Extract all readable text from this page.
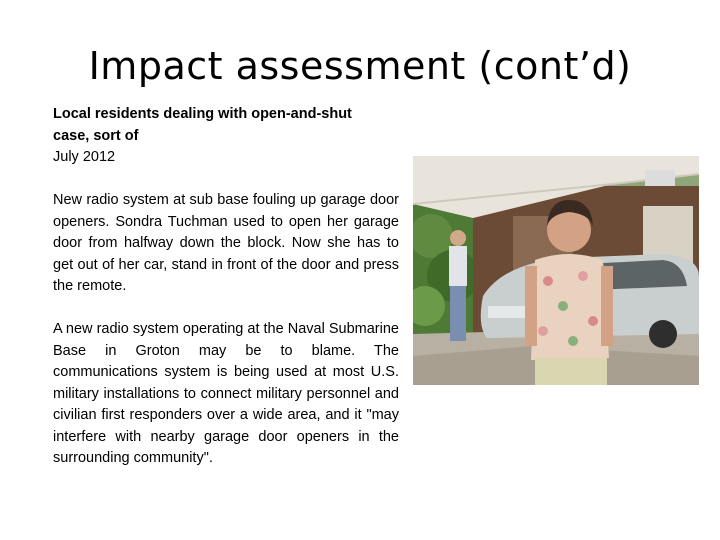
Impact assessment (cont’d)
Local residents dealing with open-and-shut case, sort of
July 2012
New radio system at sub base fouling up garage door openers. Sondra Tuchman used to open her garage door from halfway down the block. Now she has to get out of her car, stand in front of the door and press the remote.
A new radio system operating at the Naval Submarine Base in Groton may be to blame. The communications system is being used at most U.S. military installations to connect military personnel and civilian first responders over a wide area, and it "may interfere with nearby garage door openers in the surrounding community".
